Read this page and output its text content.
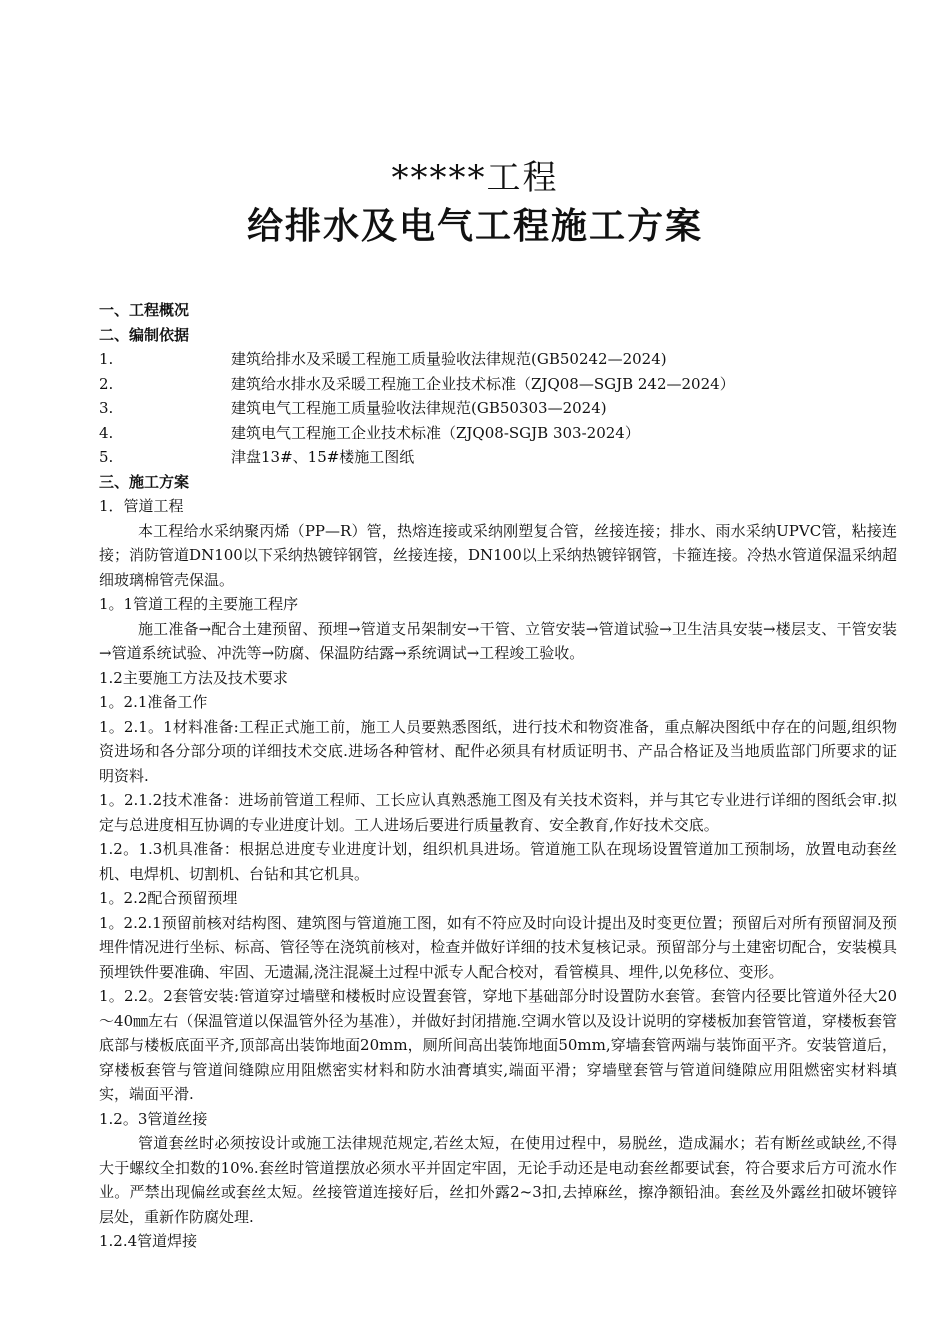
*****工程
给排水及电气工程施工方案
一、工程概况
二、编制依据
1.	建筑给排水及采暖工程施工质量验收法律规范(GB50242—2024)
2.	建筑给水排水及采暖工程施工企业技术标准（ZJQ08—SGJB 242—2024）
3.	建筑电气工程施工质量验收法律规范(GB50303—2024)
4.	建筑电气工程施工企业技术标准（ZJQ08-SGJB 303-2024）
5.	津盘13#、15#楼施工图纸
三、施工方案
1．管道工程
本工程给水采纳聚丙烯（PP—R）管，热熔连接或采纳刚塑复合管，丝接连接；排水、雨水采纳UPVC管，粘接连接；消防管道DN100以下采纳热镀锌钢管，丝接连接，DN100以上采纳热镀锌钢管，卡箍连接。冷热水管道保温采纳超细玻璃棉管壳保温。
1。1管道工程的主要施工程序
施工准备→配合土建预留、预埋→管道支吊架制安→干管、立管安装→管道试验→卫生洁具安装→楼层支、干管安装→管道系统试验、冲洗等→防腐、保温防结露→系统调试→工程竣工验收。
1.2主要施工方法及技术要求
1。2.1准备工作
1。2.1。1材料准备:工程正式施工前，施工人员要熟悉图纸，进行技术和物资准备，重点解决图纸中存在的问题,组织物资进场和各分部分项的详细技术交底.进场各种管材、配件必须具有材质证明书、产品合格证及当地质监部门所要求的证明资料.
1。2.1.2技术准备：进场前管道工程师、工长应认真熟悉施工图及有关技术资料，并与其它专业进行详细的图纸会审.拟定与总进度相互协调的专业进度计划。工人进场后要进行质量教育、安全教育,作好技术交底。
1.2。1.3机具准备：根据总进度专业进度计划，组织机具进场。管道施工队在现场设置管道加工预制场，放置电动套丝机、电焊机、切割机、台钻和其它机具。
1。2.2配合预留预埋
1。2.2.1预留前核对结构图、建筑图与管道施工图，如有不符应及时向设计提出及时变更位置；预留后对所有预留洞及预埋件情况进行坐标、标高、管径等在浇筑前核对，检查并做好详细的技术复核记录。预留部分与土建密切配合，安装模具预埋铁件要准确、牢固、无遗漏,浇注混凝土过程中派专人配合校对，看管模具、埋件,以免移位、变形。
1。2.2。2套管安装:管道穿过墙壁和楼板时应设置套管，穿地下基础部分时设置防水套管。套管内径要比管道外径大20～40㎜左右（保温管道以保温管外径为基准），并做好封闭措施.空调水管以及设计说明的穿楼板加套管管道，穿楼板套管底部与楼板底面平齐,顶部高出装饰地面20mm，厕所间高出装饰地面50mm,穿墙套管两端与装饰面平齐。安装管道后，穿楼板套管与管道间缝隙应用阻燃密实材料和防水油膏填实,端面平滑；穿墙壁套管与管道间缝隙应用阻燃密实材料填实，端面平滑.
1.2。3管道丝接
管道套丝时必须按设计或施工法律规范规定,若丝太短，在使用过程中，易脱丝，造成漏水；若有断丝或缺丝,不得大于螺纹全扣数的10%.套丝时管道摆放必须水平并固定牢固，无论手动还是电动套丝都要试套，符合要求后方可流水作业。严禁出现偏丝或套丝太短。丝接管道连接好后，丝扣外露2~3扣,去掉麻丝，擦净额铅油。套丝及外露丝扣破坏镀锌层处，重新作防腐处理.
1.2.4管道焊接
